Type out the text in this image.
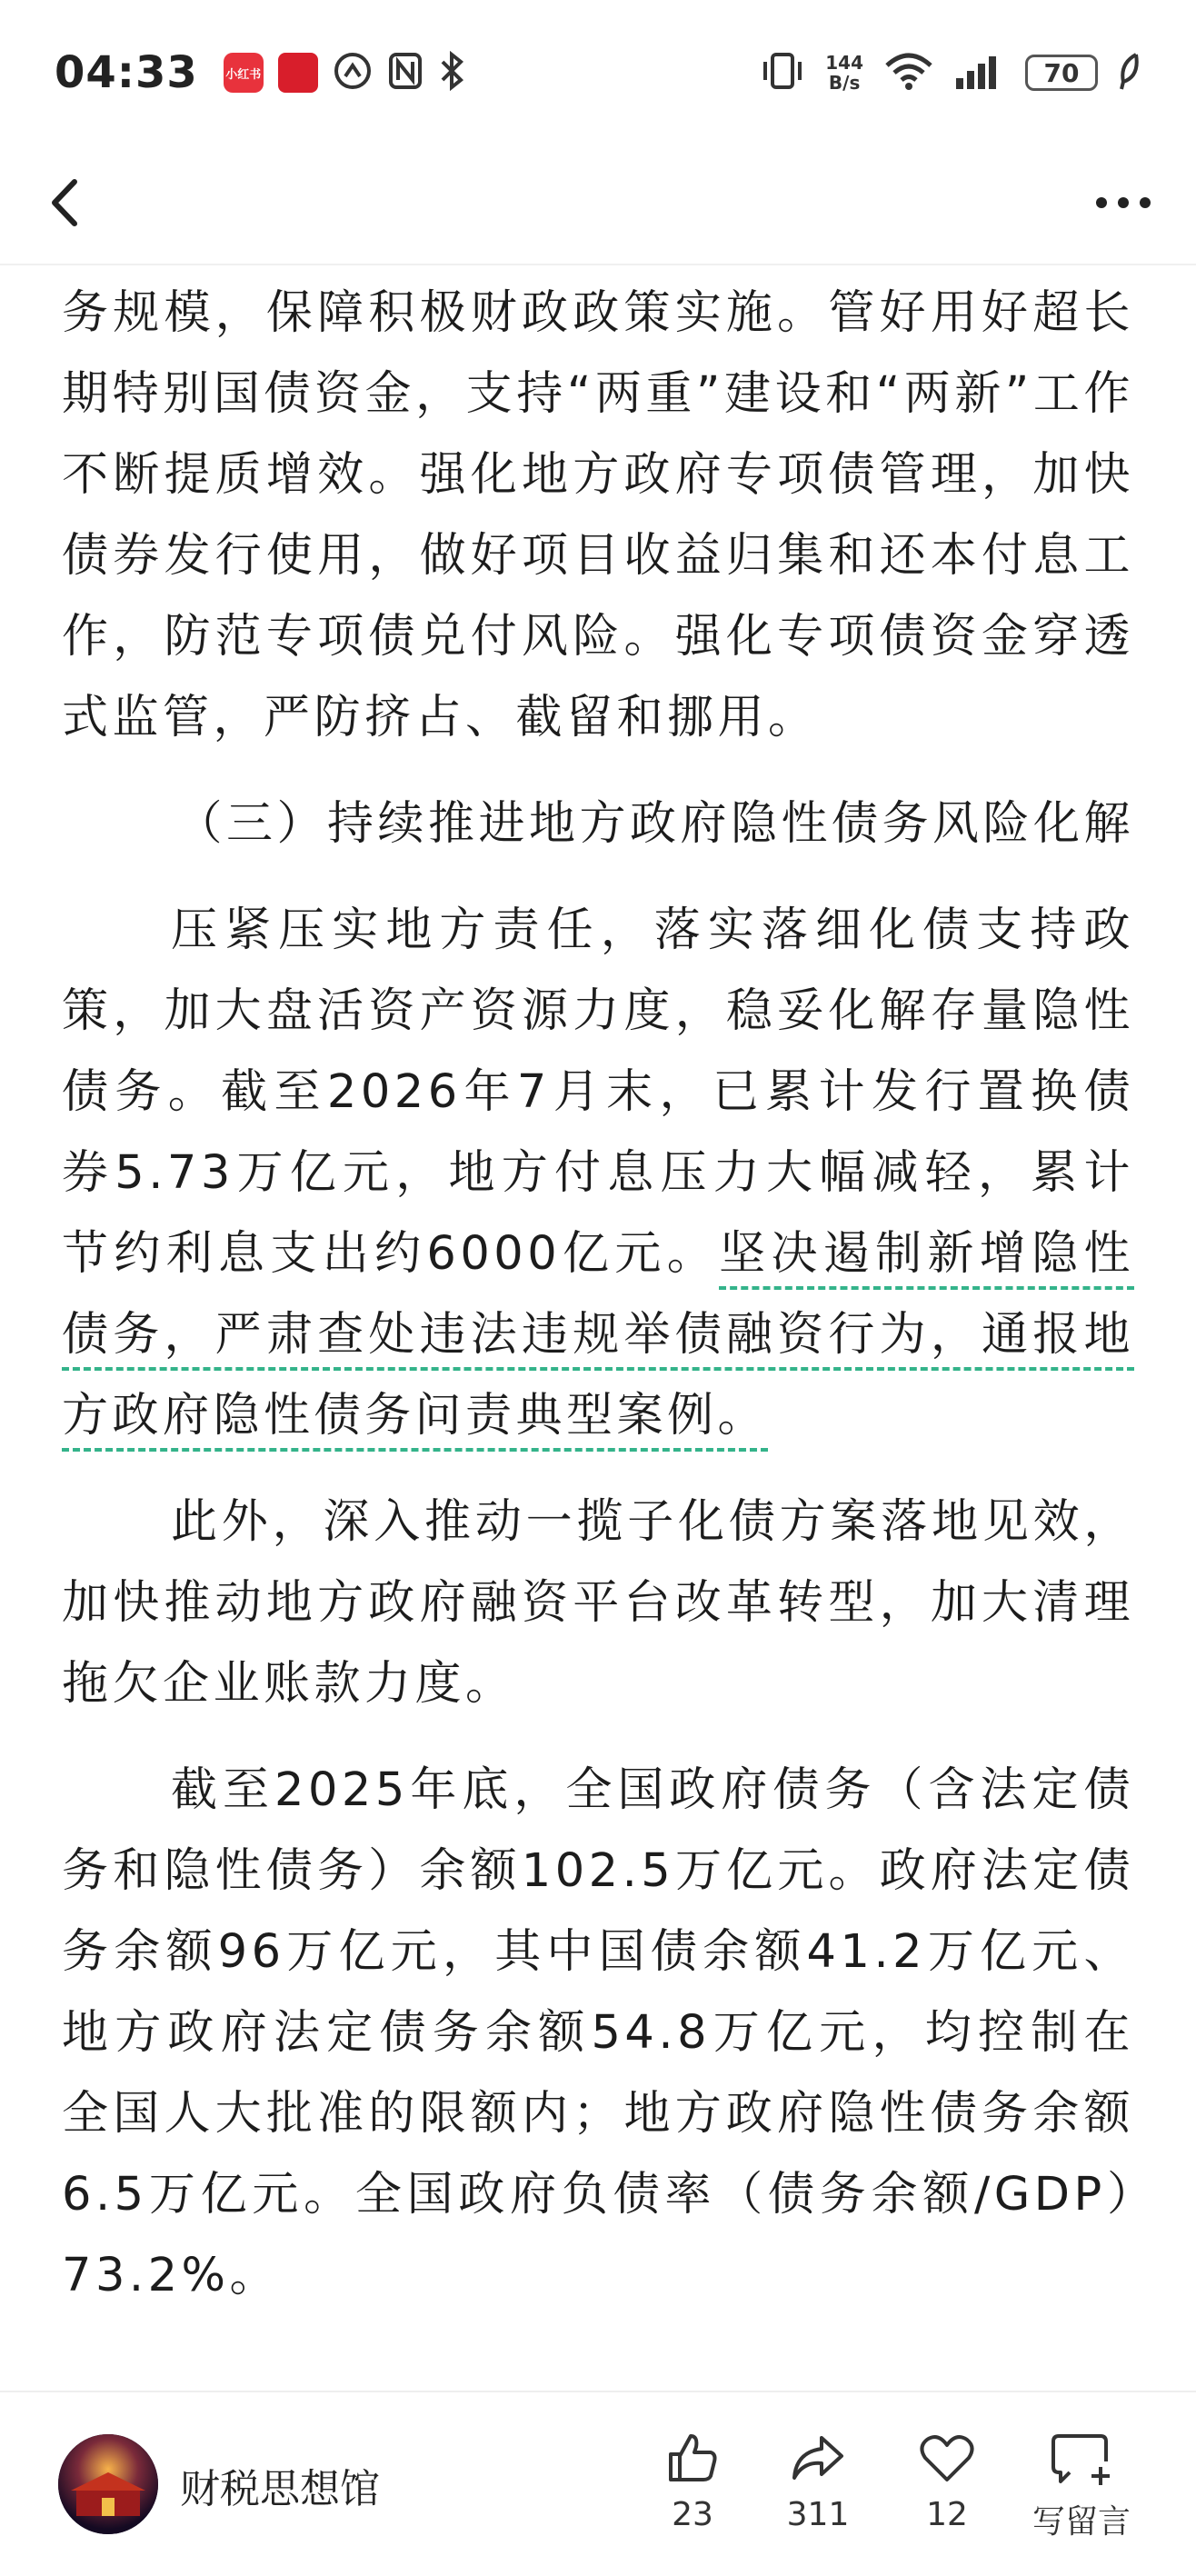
04:33 小红书
144
B/s	70

务规模，保障积极财政政策实施。管好用好超长期特别国债资金，支持“两重”建设和“两新”工作不断提质增效。强化地方政府专项债管理，加快债券发行使用，做好项目收益归集和还本付息工作，防范专项债兑付风险。强化专项债资金穿透式监管，严防挤占、截留和挪用。

（三）持续推进地方政府隐性债务风险化解

压紧压实地方责任，落实落细化债支持政策，加大盘活资产资源力度，稳妥化解存量隐性债务。截至2026年7月末，已累计发行置换债券5.73万亿元，地方付息压力大幅减轻，累计节约利息支出约6000亿元。坚决遏制新增隐性债务，严肃查处违法违规举债融资行为，通报地方政府隐性债务问责典型案例。

此外，深入推动一揽子化债方案落地见效，加快推动地方政府融资平台改革转型，加大清理拖欠企业账款力度。

截至2025年底，全国政府债务（含法定债务和隐性债务）余额102.5万亿元。政府法定债务余额96万亿元，其中国债余额41.2万亿元、地方政府法定债务余额54.8万亿元，均控制在全国人大批准的限额内；地方政府隐性债务余额6.5万亿元。全国政府负债率（债务余额/GDP）73.2%。

财税思想馆
23	311	12	写留言
